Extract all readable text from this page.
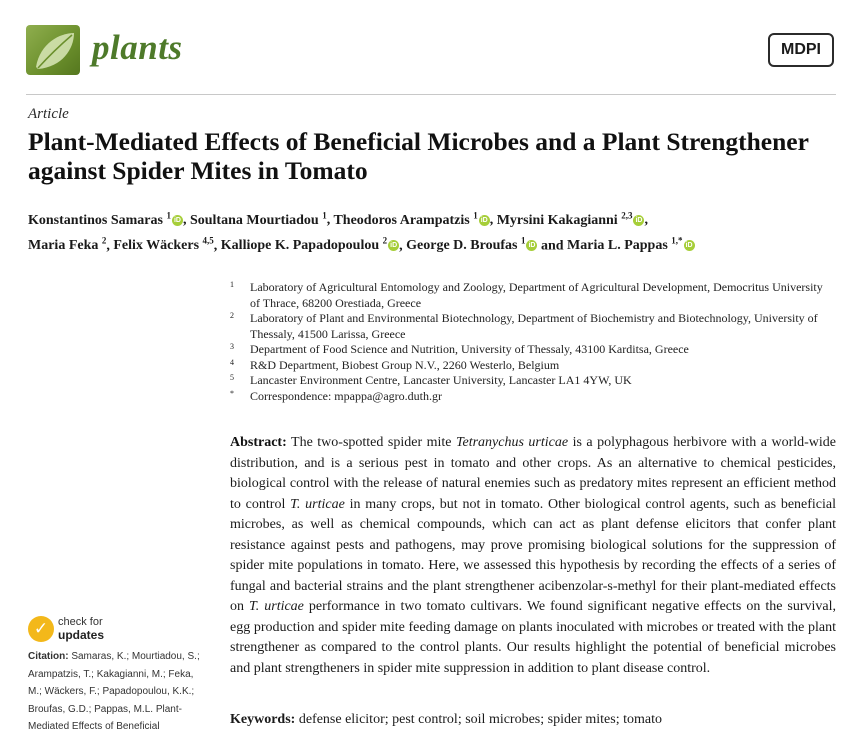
plants	MDPI
Article
Plant-Mediated Effects of Beneficial Microbes and a Plant Strengthener against Spider Mites in Tomato
Konstantinos Samaras $^1$iD , Soultana Mourtiadou $^1$, Theodoros Arampatzis $^1$iD , Myrsini Kakagianni $^{2,3}$iD ,
Maria Feka $^2$, Felix Wäckers $^{4,5}$, Kalliope K. Papadopoulou $^2$iD , George D. Broufas $^1$iD and Maria L. Pappas $^{1,*}$iD
1 Laboratory of Agricultural Entomology and Zoology, Department of Agricultural Development, Democritus University of Thrace, 68200 Orestiada, Greece
2 Laboratory of Plant and Environmental Biotechnology, Department of Biochemistry and Biotechnology, University of Thessaly, 41500 Larissa, Greece
3 Department of Food Science and Nutrition, University of Thessaly, 43100 Karditsa, Greece
4 R&D Department, Biobest Group N.V., 2260 Westerlo, Belgium
5 Lancaster Environment Centre, Lancaster University, Lancaster LA1 4YW, UK
* Correspondence: mpappa@agro.duth.gr
Abstract: The two-spotted spider mite Tetranychus urticae is a polyphagous herbivore with a world-wide distribution, and is a serious pest in tomato and other crops. As an alternative to chemical pesticides, biological control with the release of natural enemies such as predatory mites represent an efficient method to control T. urticae in many crops, but not in tomato. Other biological control agents, such as beneficial microbes, as well as chemical compounds, which can act as plant defense elicitors that confer plant resistance against pests and pathogens, may prove promising biological solutions for the suppression of spider mite populations in tomato. Here, we assessed this hypothesis by recording the effects of a series of fungal and bacterial strains and the plant strengthener acibenzolar-s-methyl for their plant-mediated effects on T. urticae performance in two tomato cultivars. We found significant negative effects on the survival, egg production and spider mite feeding damage on plants inoculated with microbes or treated with the plant strengthener as compared to the control plants. Our results highlight the potential of beneficial microbes and plant strengtheners in spider mite suppression in addition to plant disease control.
Keywords: defense elicitor; pest control; soil microbes; spider mites; tomato
✓ check for
updates
Citation: Samaras, K.; Mourtiadou, S.; Arampatzis, T.; Kakagianni, M.; Feka, M.; Wäckers, F.; Papadopoulou, K.K.; Broufas, G.D.; Pappas, M.L. Plant-Mediated Effects of Beneficial
